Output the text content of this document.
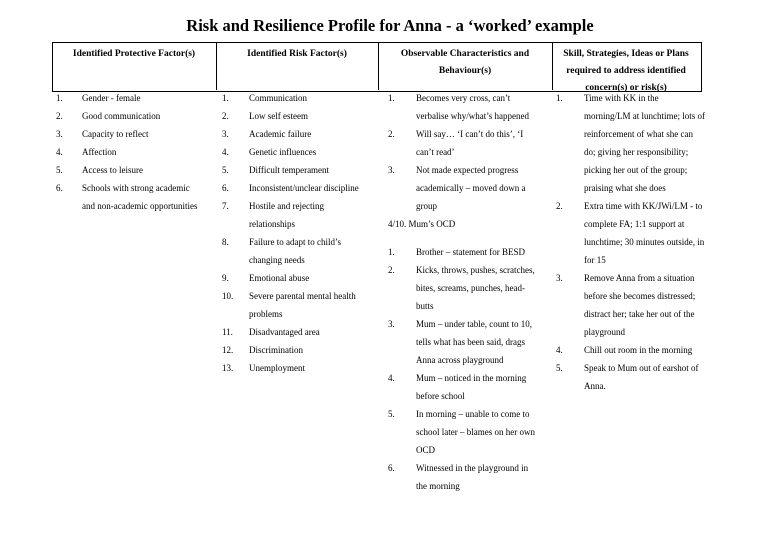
Risk and Resilience Profile for Anna - a ‘worked’ example
Identified Protective Factor(s)	Identified Risk Factor(s)	Observable Characteristics and
Behaviour(s)
Skill, Strategies, Ideas or Plans
required to address identified
concern(s) or risk(s)
1. Gender - female
2. Good communication
3. Capacity to reflect
4. Affection
5. Access to leisure
6. Schools with strong academic
and non-academic opportunities
1. Communication
2. Low self esteem
3. Academic failure
4. Genetic influences
5. Difficult temperament
6. Inconsistent/unclear discipline
7. Hostile and rejecting
relationships
8. Failure to adapt to child’s
changing needs
9. Emotional abuse
10. Severe parental mental health
problems
11. Disadvantaged area
12. Discrimination
13. Unemployment
1. Becomes very cross, can’t
verbalise why/what’s happened
2. Will say… ‘I can’t do this’, ‘I
can’t read’
3. Not made expected progress
academically – moved down a
group
4/10. Mum’s OCD
1. Brother – statement for BESD
2. Kicks, throws, pushes, scratches,
bites, screams, punches, head-
butts
3. Mum – under table, count to 10,
tells what has been said, drags
Anna across playground
4. Mum – noticed in the morning
before school
5. In morning – unable to come to
school later – blames on her own
OCD
6. Witnessed in the playground in
the morning
1. Time with KK in the
morning/LM at lunchtime; lots of
reinforcement of what she can
do; giving her responsibility;
picking her out of the group;
praising what she does
2. Extra time with KK/JWi/LM - to
complete FA; 1:1 support at
lunchtime; 30 minutes outside, in
for 15
3. Remove Anna from a situation
before she becomes distressed;
distract her; take her out of the
playground
4. Chill out room in the morning
5. Speak to Mum out of earshot of
Anna.
